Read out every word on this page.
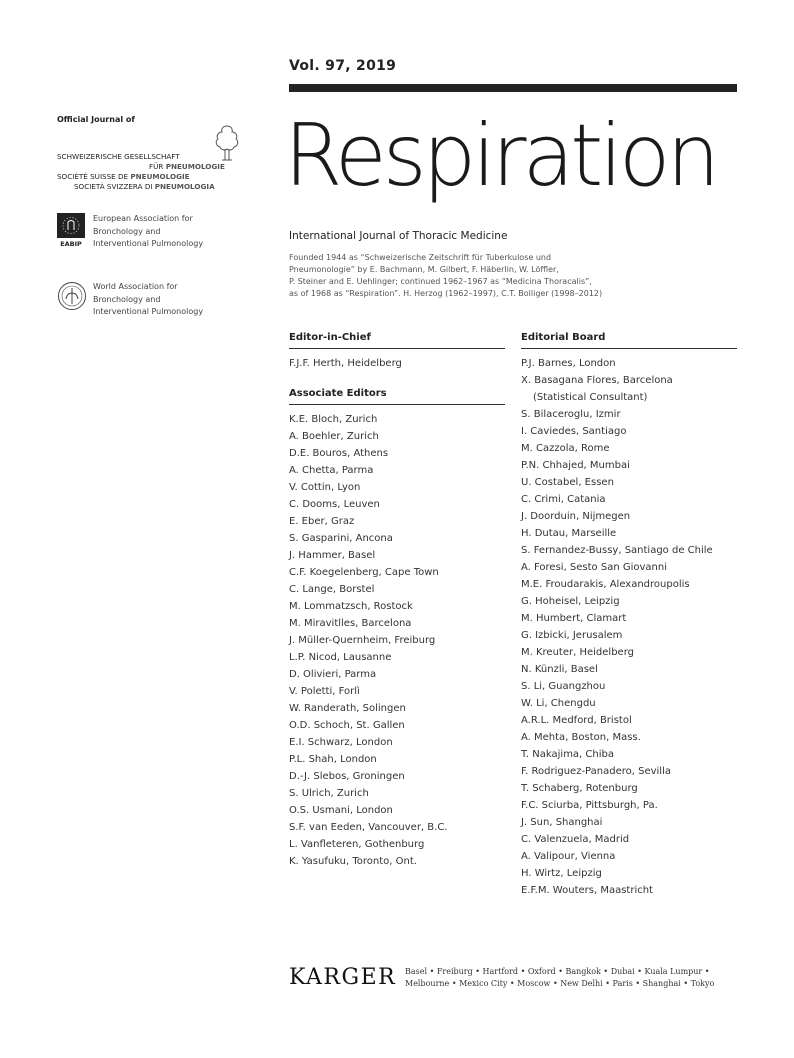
Vol. 97, 2019
Respiration
International Journal of Thoracic Medicine
Founded 1944 as “Schweizerische Zeitschrift für Tuberkulose und
Pneumonologie” by E. Bachmann, M. Gilbert, F. Häberlin, W. Löffler,
P. Steiner and E. Uehlinger; continued 1962–1967 as “Medicina Thoracalis”,
as of 1968 as “Respiration”. H. Herzog (1962–1997), C.T. Bolliger (1998–2012)
Official Journal of
SCHWEIZERISCHE GESELLSCHAFT
FÜR PNEUMOLOGIE
SOCIÉTÉ SUISSE DE PNEUMOLOGIE
SOCIETÀ SVIZZERA DI PNEUMOLOGIA
EABIP
European Association for
Bronchology and
Interventional Pulmonology
World Association for
Bronchology and
Interventional Pulmonology
Editor-in-Chief
F.J.F. Herth, Heidelberg
Associate Editors
K.E. Bloch, Zurich
A. Boehler, Zurich
D.E. Bouros, Athens
A. Chetta, Parma
V. Cottin, Lyon
C. Dooms, Leuven
E. Eber, Graz
S. Gasparini, Ancona
J. Hammer, Basel
C.F. Koegelenberg, Cape Town
C. Lange, Borstel
M. Lommatzsch, Rostock
M. Miravitlles, Barcelona
J. Müller-Quernheim, Freiburg
L.P. Nicod, Lausanne
D. Olivieri, Parma
V. Poletti, Forlì
W. Randerath, Solingen
O.D. Schoch, St. Gallen
E.I. Schwarz, London
P.L. Shah, London
D.-J. Slebos, Groningen
S. Ulrich, Zurich
O.S. Usmani, London
S.F. van Eeden, Vancouver, B.C.
L. Vanfleteren, Gothenburg
K. Yasufuku, Toronto, Ont.
Editorial Board
P.J. Barnes, London
X. Basagana Flores, Barcelona
(Statistical Consultant)
S. Bilaceroglu, Izmir
I. Caviedes, Santiago
M. Cazzola, Rome
P.N. Chhajed, Mumbai
U. Costabel, Essen
C. Crimi, Catania
J. Doorduin, Nijmegen
H. Dutau, Marseille
S. Fernandez-Bussy, Santiago de Chile
A. Foresi, Sesto San Giovanni
M.E. Froudarakis, Alexandroupolis
G. Hoheisel, Leipzig
M. Humbert, Clamart
G. Izbicki, Jerusalem
M. Kreuter, Heidelberg
N. Künzli, Basel
S. Li, Guangzhou
W. Li, Chengdu
A.R.L. Medford, Bristol
A. Mehta, Boston, Mass.
T. Nakajima, Chiba
F. Rodriguez-Panadero, Sevilla
T. Schaberg, Rotenburg
F.C. Sciurba, Pittsburgh, Pa.
J. Sun, Shanghai
C. Valenzuela, Madrid
A. Valipour, Vienna
H. Wirtz, Leipzig
E.F.M. Wouters, Maastricht
KARGER Basel • Freiburg • Hartford • Oxford • Bangkok • Dubai • Kuala Lumpur •
Melbourne • Mexico City • Moscow • New Delhi • Paris • Shanghai • Tokyo
